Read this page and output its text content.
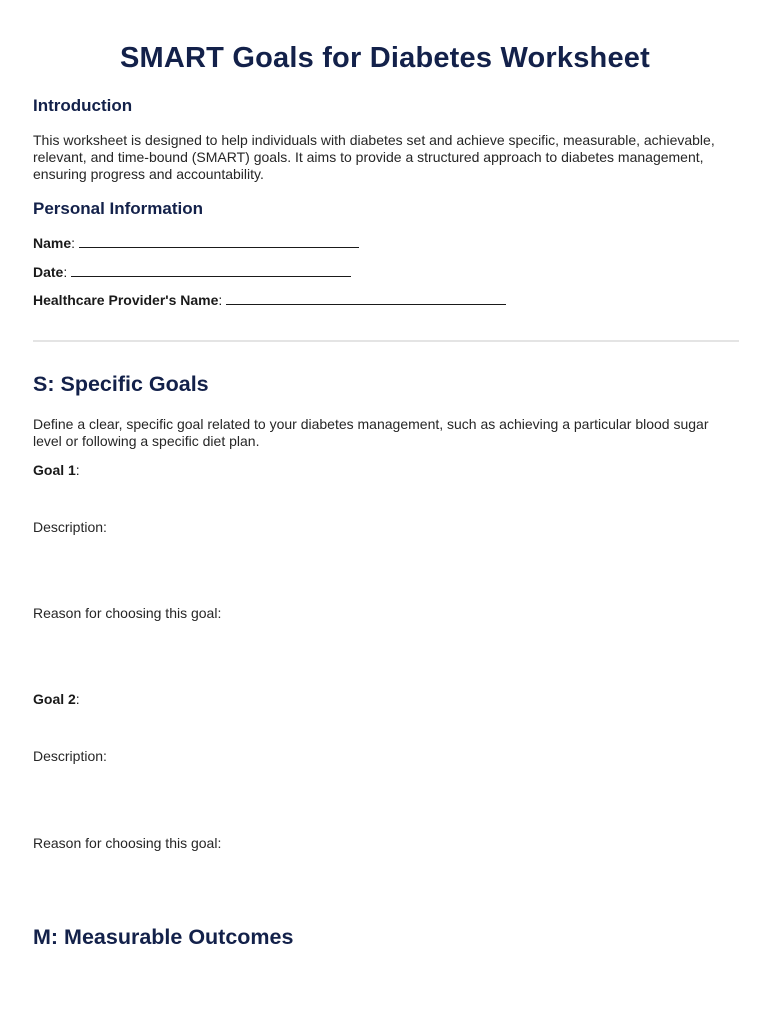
SMART Goals for Diabetes Worksheet
Introduction
This worksheet is designed to help individuals with diabetes set and achieve specific, measurable, achievable, relevant, and time-bound (SMART) goals. It aims to provide a structured approach to diabetes management, ensuring progress and accountability.
Personal Information
Name:
Date:
Healthcare Provider's Name:
S: Specific Goals
Define a clear, specific goal related to your diabetes management, such as achieving a particular blood sugar level or following a specific diet plan.
Goal 1:
Description:
Reason for choosing this goal:
Goal 2:
Description:
Reason for choosing this goal:
M: Measurable Outcomes
